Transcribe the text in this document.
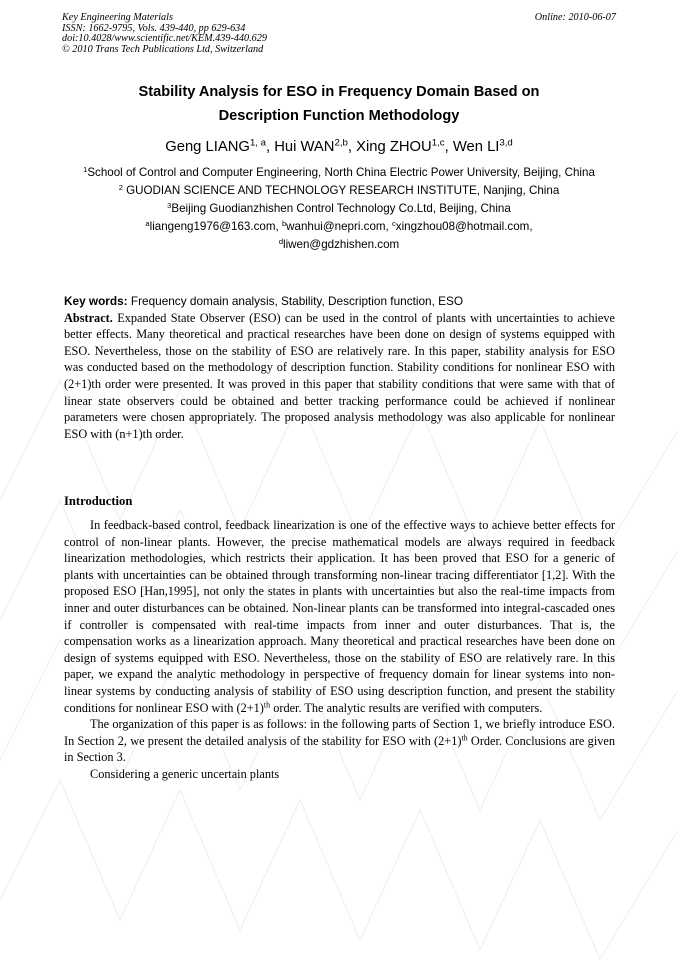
Key Engineering Materials
ISSN: 1662-9795, Vols. 439-440, pp 629-634
doi:10.4028/www.scientific.net/KEM.439-440.629
© 2010 Trans Tech Publications Ltd, Switzerland
Online: 2010-06-07
Stability Analysis for ESO in Frequency Domain Based on
Description Function Methodology
Geng LIANG$^{1, a}$, Hui WAN$^{2,b}$, Xing ZHOU$^{1,c}$, Wen LI$^{3,d}$
$^1$School of Control and Computer Engineering, North China Electric Power University, Beijing, China
$^2$ GUODIAN SCIENCE AND TECHNOLOGY RESEARCH INSTITUTE, Nanjing, China
$^3$Beijing Guodianzhishen Control Technology Co.Ltd, Beijing, China
$^a$liangeng1976@163.com, $^b$wanhui@nepri.com, $^c$xingzhou08@hotmail.com,
$^d$liwen@gdzhishen.com

Key words: Frequency domain analysis, Stability, Description function, ESO

Abstract. Expanded State Observer (ESO) can be used in the control of plants with uncertainties to achieve better effects. Many theoretical and practical researches have been done on design of systems equipped with ESO. Nevertheless, those on the stability of ESO are relatively rare. In this paper, stability analysis for ESO was conducted based on the methodology of description function. Stability conditions for nonlinear ESO with (2+1)th order were presented. It was proved in this paper that stability conditions that were same with that of linear state observers could be obtained and better tracking performance could be achieved if nonlinear parameters were chosen appropriately. The proposed analysis methodology was also applicable for nonlinear ESO with (n+1)th order.

Introduction

In feedback-based control, feedback linearization is one of the effective ways to achieve better effects for control of non-linear plants. However, the precise mathematical models are always required in feedback linearization methodologies, which restricts their application. It has been proved that ESO for a generic of plants with uncertainties can be obtained through transforming non-linear tracing differentiator [1,2]. With the proposed ESO [Han,1995], not only the states in plants with uncertainties but also the real-time impacts from inner and outer disturbances can be obtained. Non-linear plants can be transformed into integral-cascaded ones if controller is compensated with real-time impacts from inner and outer disturbances. That is, the compensation works as a linearization approach. Many theoretical and practical researches have been done on design of systems equipped with ESO. Nevertheless, those on the stability of ESO are relatively rare. In this paper, we expand the analytic methodology in perspective of frequency domain for linear systems into non-linear systems by conducting analysis of stability of ESO using description function, and present the stability conditions for nonlinear ESO with $(2+1)^{th}$ order. The analytic results are verified with computers.

The organization of this paper is as follows: in the following parts of Section 1, we briefly introduce ESO. In Section 2, we present the detailed analysis of the stability for ESO with $(2+1)^{th}$ Order. Conclusions are given in Section 3.

Considering a generic uncertain plants
